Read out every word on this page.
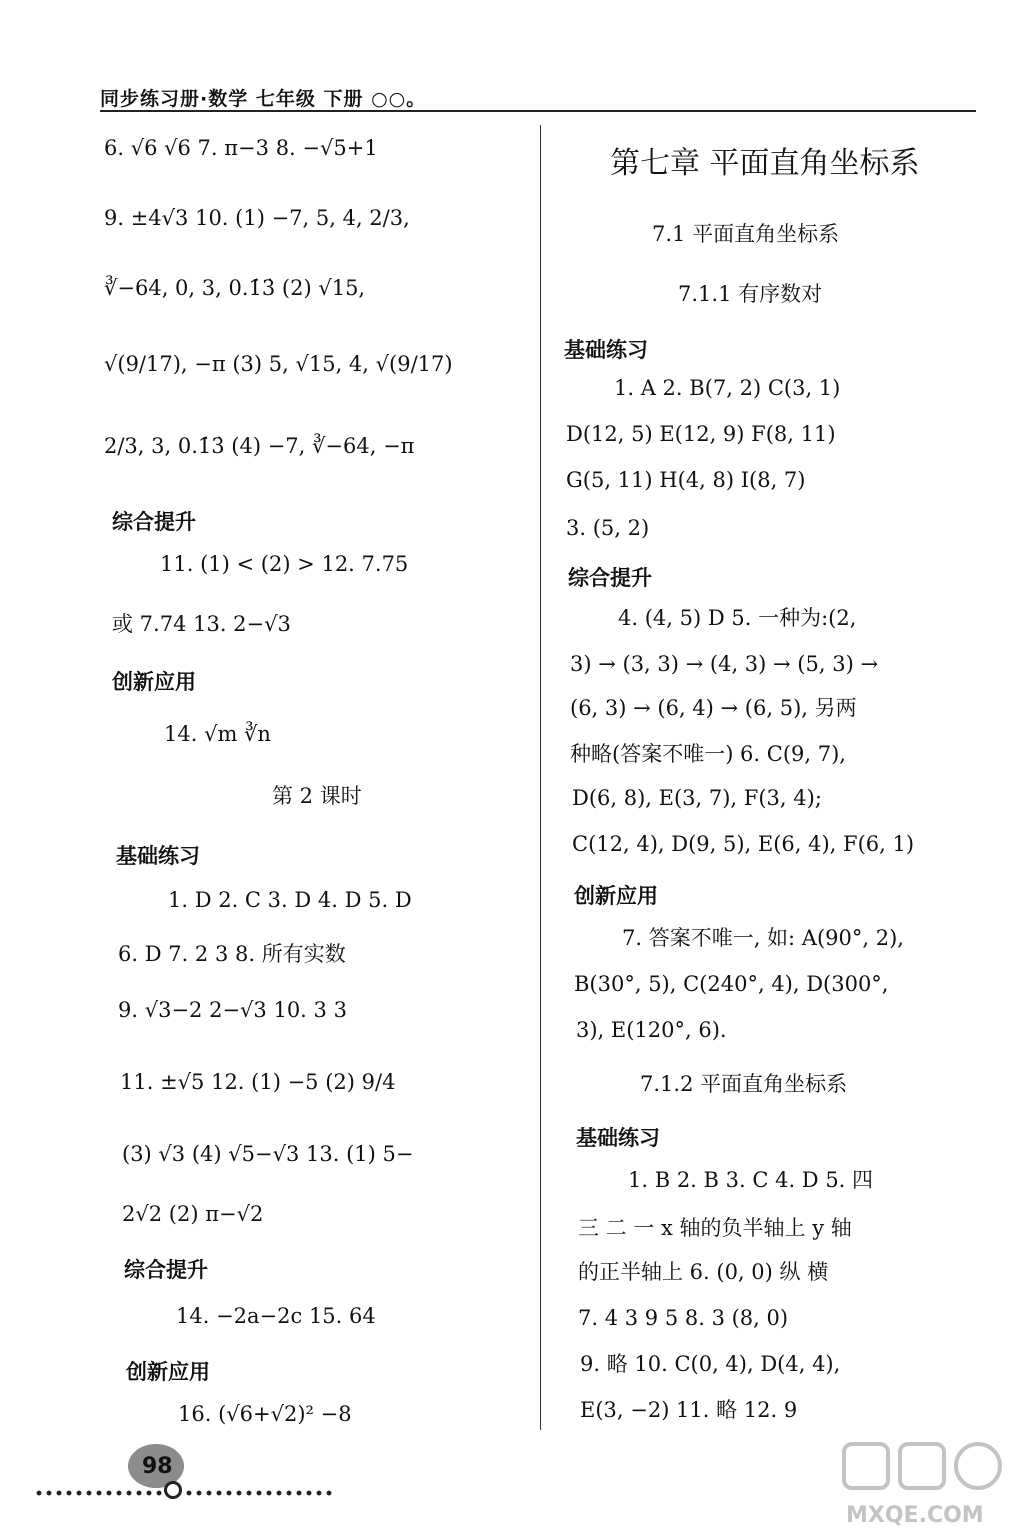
同步练习册·数学 七年级 下册 ○○。
6. √6 √6 7. π−3 8. −√5+1
9. ±4√3 10. (1) −7, 5, 4, 2/3,
∛−64, 0, 3, 0.1̇3̇ (2) √15,
√(9/17), −π (3) 5, √15, 4, √(9/17)
2/3, 3, 0.1̇3̇ (4) −7, ∛−64, −π
综合提升
11. (1) < (2) > 12. 7.75
或 7.74 13. 2−√3
创新应用
14. √m ∛n
第 2 课时
基础练习
1. D 2. C 3. D 4. D 5. D
6. D 7. 2 3 8. 所有实数
9. √3−2 2−√3 10. 3 3
11. ±√5 12. (1) −5 (2) 9/4
(3) √3 (4) √5−√3 13. (1) 5−
2√2 (2) π−√2
综合提升
14. −2a−2c 15. 64
创新应用
16. (√6+√2)² −8
第七章 平面直角坐标系
7.1 平面直角坐标系
7.1.1 有序数对
基础练习
1. A 2. B(7, 2) C(3, 1)
D(12, 5) E(12, 9) F(8, 11)
G(5, 11) H(4, 8) I(8, 7)
3. (5, 2)
综合提升
4. (4, 5) D 5. 一种为:(2,
3) → (3, 3) → (4, 3) → (5, 3) →
(6, 3) → (6, 4) → (6, 5), 另两
种略(答案不唯一) 6. C(9, 7),
D(6, 8), E(3, 7), F(3, 4);
C(12, 4), D(9, 5), E(6, 4), F(6, 1)
创新应用
7. 答案不唯一, 如: A(90°, 2),
B(30°, 5), C(240°, 4), D(300°,
3), E(120°, 6).
7.1.2 平面直角坐标系
基础练习
1. B 2. B 3. C 4. D 5. 四
三 二 一 x 轴的负半轴上 y 轴
的正半轴上 6. (0, 0) 纵 横
7. 4 3 9 5 8. 3 (8, 0)
9. 略 10. C(0, 4), D(4, 4),
E(3, −2) 11. 略 12. 9
98
MXQE.COM
